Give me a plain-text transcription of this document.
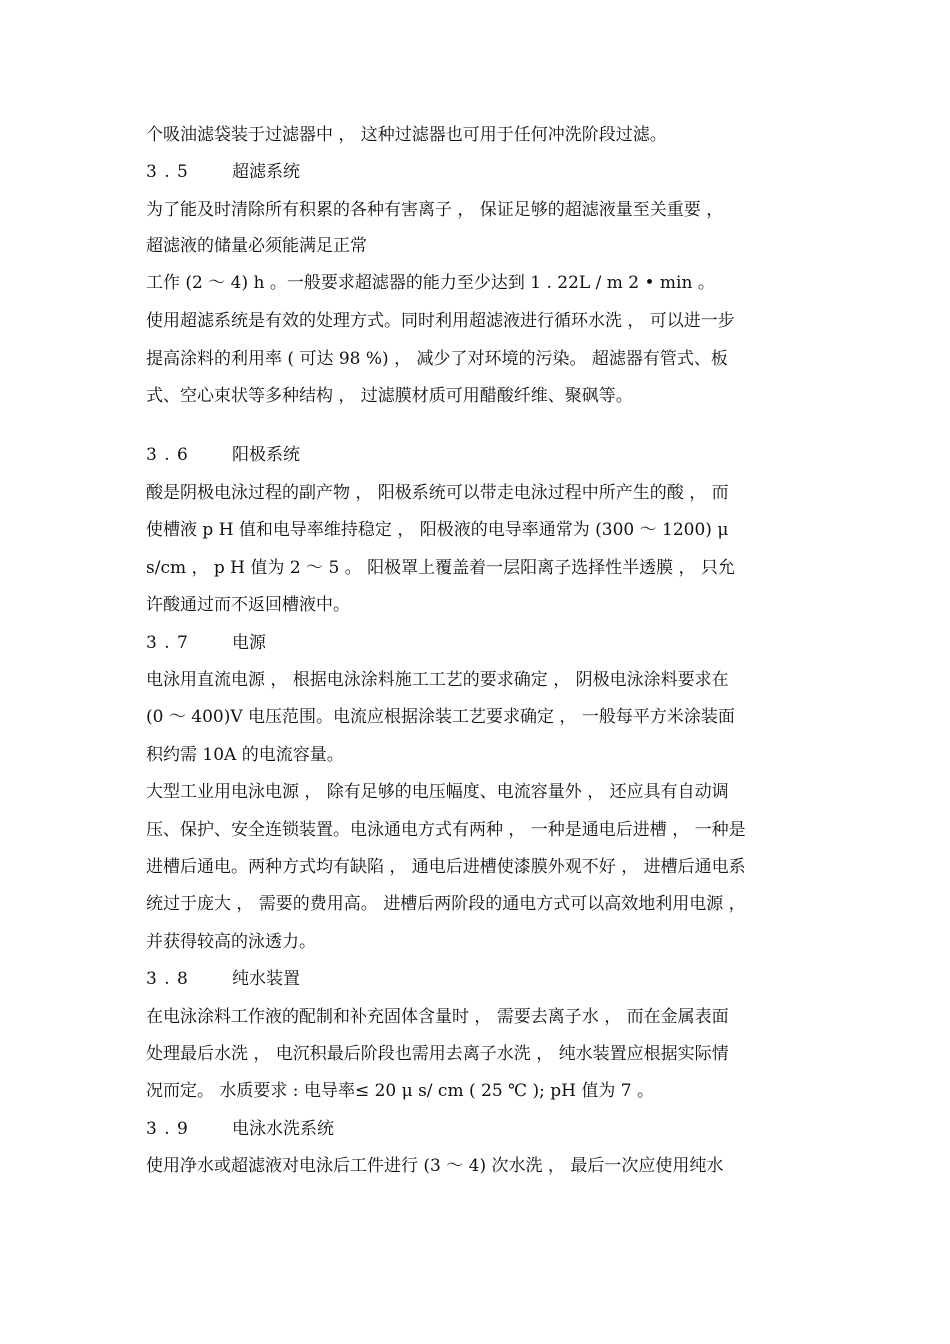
个吸油滤袋装于过滤器中 ， 这种过滤器也可用于任何冲洗阶段过滤。
3 . 5	超滤系统
为了能及时清除所有积累的各种有害离子 ， 保证足够的超滤液量至关重要 ，
超滤液的储量必须能满足正常
工作 (2 ～ 4) h 。一般要求超滤器的能力至少达到 1 . 22L / m 2 • min 。
使用超滤系统是有效的处理方式。同时利用超滤液进行循环水洗 ， 可以进一步
提高涂料的利用率 ( 可达 98 %) ， 减少了对环境的污染。 超滤器有管式、板
式、空心束状等多种结构 ， 过滤膜材质可用醋酸纤维、聚砜等。
3 . 6	阳极系统
酸是阴极电泳过程的副产物 ， 阳极系统可以带走电泳过程中所产生的酸 ， 而
使槽液 p H 值和电导率维持稳定 ， 阳极液的电导率通常为 (300 ～ 1200) μ
s/cm ， p H 值为 2 ～ 5 。 阳极罩上覆盖着一层阳离子选择性半透膜 ， 只允
许酸通过而不返回槽液中。
3 . 7	电源
电泳用直流电源 ， 根据电泳涂料施工工艺的要求确定 ， 阴极电泳涂料要求在
(0 ～ 400)V 电压范围。电流应根据涂装工艺要求确定 ， 一般每平方米涂装面
积约需 10A 的电流容量。
大型工业用电泳电源 ， 除有足够的电压幅度、电流容量外 ， 还应具有自动调
压、保护、安全连锁装置。电泳通电方式有两种 ， 一种是通电后进槽 ， 一种是
进槽后通电。两种方式均有缺陷 ， 通电后进槽使漆膜外观不好 ， 进槽后通电系
统过于庞大 ， 需要的费用高。 进槽后两阶段的通电方式可以高效地利用电源 ，
并获得较高的泳透力。
3 . 8	纯水装置
在电泳涂料工作液的配制和补充固体含量时 ， 需要去离子水 ， 而在金属表面
处理最后水洗 ， 电沉积最后阶段也需用去离子水洗 ， 纯水装置应根据实际情
况而定。 水质要求 : 电导率≤ 20 μ s/ cm ( 25 ℃ ); pH 值为 7 。
3 . 9	电泳水洗系统
使用净水或超滤液对电泳后工件进行 (3 ～ 4) 次水洗 ， 最后一次应使用纯水
